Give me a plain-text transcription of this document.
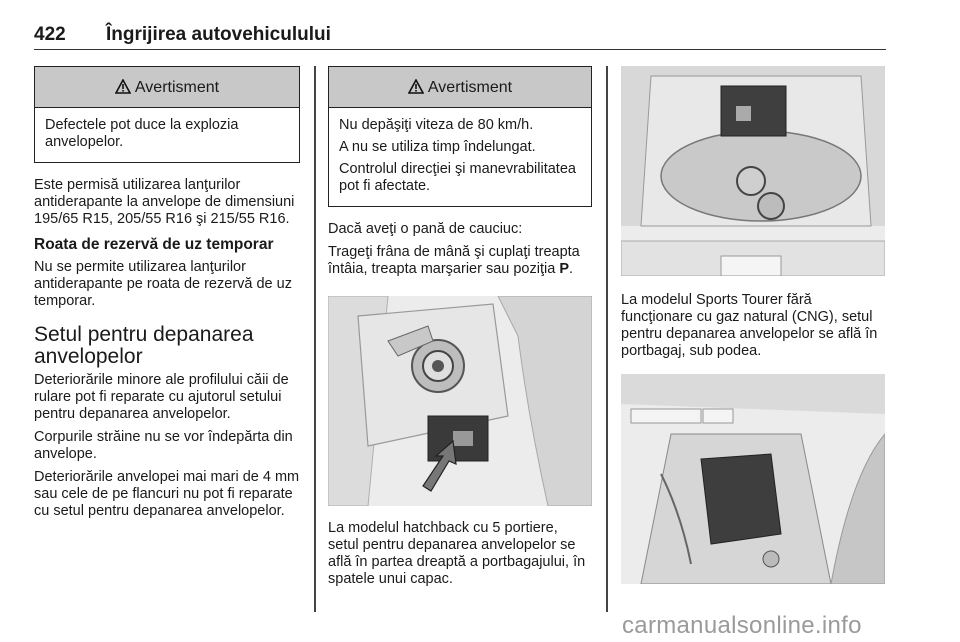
422 Îngrijirea autovehiculului
Avertisment

Defectele pot duce la explozia anvelopelor.

Este permisă utilizarea lanţurilor antiderapante la anvelope de dimensiuni 195/65 R15, 205/55 R16 şi 215/55 R16.

Roata de rezervă de uz temporar

Nu se permite utilizarea lanţurilor antiderapante pe roata de rezervă de uz temporar.

Setul pentru depanarea anvelopelor

Deteriorările minore ale profilului căii de rulare pot fi reparate cu ajutorul setului pentru depanarea anvelopelor.

Corpurile străine nu se vor îndepărta din anvelope.

Deteriorările anvelopei mai mari de 4 mm sau cele de pe flancuri nu pot fi reparate cu setul pentru depanarea anvelopelor.

Avertisment

Nu depăşiţi viteza de 80 km/h.

A nu se utiliza timp îndelungat.

Controlul direcţiei şi manevrabilitatea pot fi afectate.

Dacă aveţi o pană de cauciuc:

Trageţi frâna de mână şi cuplaţi treapta întâia, treapta marşarier sau poziţia P.

La modelul hatchback cu 5 portiere, setul pentru depanarea anvelopelor se află în partea dreaptă a portbagajului, în spatele unui capac.

La modelul Sports Tourer fără funcţionare cu gaz natural (CNG), setul pentru depanarea anvelopelor se află în portbagaj, sub podea.

carmanualsonline.info
